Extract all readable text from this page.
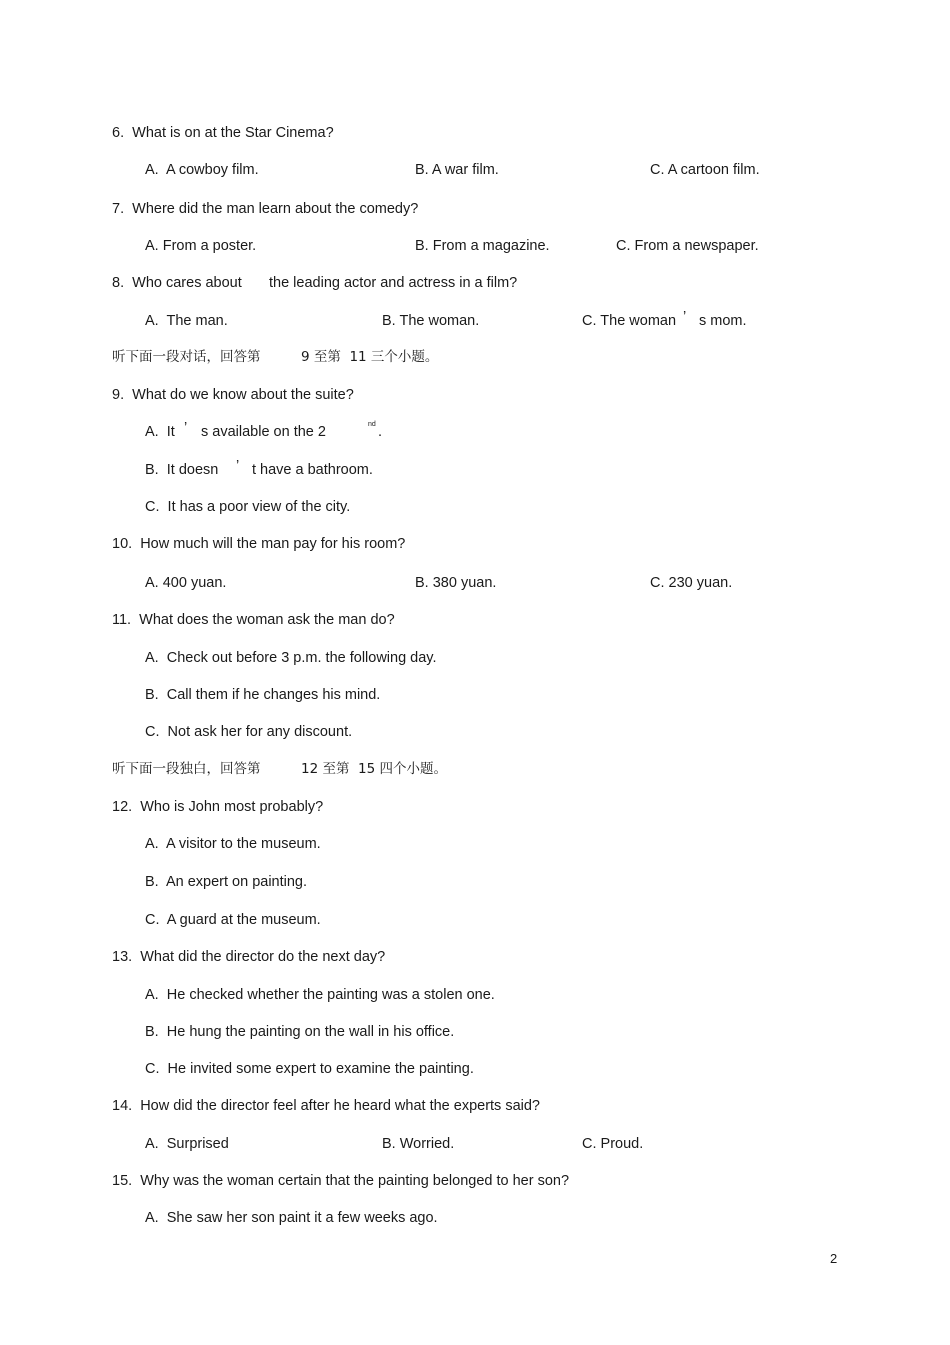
6.  What is on at the Star Cinema?
A.  A cowboy film.	B. A war film.	C. A cartoon film.
7.  Where did the man learn about the comedy?
A. From a poster.	B. From a magazine.	C. From a newspaper.
8.  Who cares about the leading actor and actress in a film?
A.  The man.	B. The woman.	C. The woman ’ s mom.
听下面一段对话，回答第	9 至第  11 三个小题。
9.  What do we know about the suite?
A.  It ’ s available on the 2	nd .
B.  It doesn ’ t have a bathroom.
C.  It has a poor view of the city.
10.  How much will the man pay for his room?
A. 400 yuan.	B. 380 yuan.	C. 230 yuan.
11.  What does the woman ask the man do?
A.  Check out before 3 p.m. the following day.
B.  Call them if he changes his mind.
C.  Not ask her for any discount.
听下面一段独白，回答第	12 至第  15 四个小题。
12.  Who is John most probably?
A.  A visitor to the museum.
B.  An expert on painting.
C.  A guard at the museum.
13.  What did the director do the next day?
A.  He checked whether the painting was a stolen one.
B.  He hung the painting on the wall in his office.
C.  He invited some expert to examine the painting.
14.  How did the director feel after he heard what the experts said?
A.  Surprised	B. Worried.	C. Proud.
15.  Why was the woman certain that the painting belonged to her son?
A.  She saw her son paint it a few weeks ago.
2
